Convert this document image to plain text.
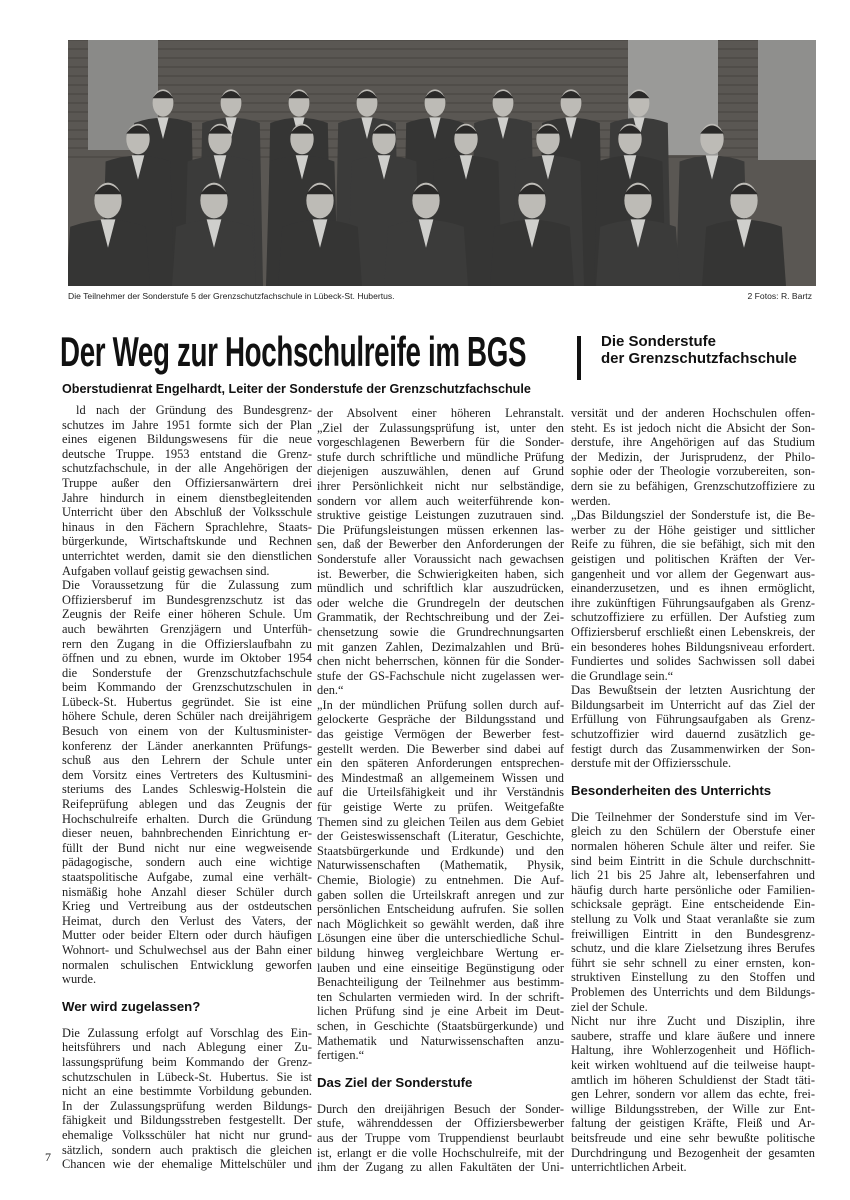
Die Teilnehmer der Sonderstufe 5 der Grenzschutzfachschule in Lübeck-St. Hubertus.	2 Fotos: R. Bartz
Der Weg zur Hochschulreife im BGS	Die Sonderstufe
der Grenzschutzfachschule
Oberstudienrat Engelhardt, Leiter der Sonderstufe der Grenzschutzfachschule
ld nach der Gründung des Bundesgrenz-
schutzes im Jahre 1951 formte sich der Plan
eines eigenen Bildungswesens für die neue
deutsche Truppe. 1953 entstand die Grenz-
schutzfachschule, in der alle Angehörigen der
Truppe außer den Offiziersanwärtern drei
Jahre hindurch in einem dienstbegleitenden
Unterricht über den Abschluß der Volksschule
hinaus in den Fächern Sprachlehre, Staats-
bürgerkunde, Wirtschaftskunde und Rechnen
unterrichtet werden, damit sie den dienstlichen
Aufgaben vollauf geistig gewachsen sind.
Die Voraussetzung für die Zulassung zum
Offiziersberuf im Bundesgrenzschutz ist das
Zeugnis der Reife einer höheren Schule. Um
auch bewährten Grenzjägern und Unterfüh-
rern den Zugang in die Offizierslaufbahn zu
öffnen und zu ebnen, wurde im Oktober 1954
die Sonderstufe der Grenzschutzfachschule
beim Kommando der Grenzschutzschulen in
Lübeck-St. Hubertus gegründet. Sie ist eine
höhere Schule, deren Schüler nach dreijährigem
Besuch von einem von der Kultusminister-
konferenz der Länder anerkannten Prüfungs-
schuß aus den Lehrern der Schule unter
dem Vorsitz eines Vertreters des Kultusmini-
steriums des Landes Schleswig-Holstein die
Reifeprüfung ablegen und das Zeugnis der
Hochschulreife erhalten. Durch die Gründung
dieser neuen, bahnbrechenden Einrichtung er-
füllt der Bund nicht nur eine wegweisende
pädagogische, sondern auch eine wichtige
staatspolitische Aufgabe, zumal eine verhält-
nismäßig hohe Anzahl dieser Schüler durch
Krieg und Vertreibung aus der ostdeutschen
Heimat, durch den Verlust des Vaters, der
Mutter oder beider Eltern oder durch häufigen
Wohnort- und Schulwechsel aus der Bahn einer
normalen schulischen Entwicklung geworfen
wurde.
Wer wird zugelassen?
Die Zulassung erfolgt auf Vorschlag des Ein-
heitsführers und nach Ablegung einer Zu-
lassungsprüfung beim Kommando der Grenz-
schutzschulen in Lübeck-St. Hubertus. Sie ist
nicht an eine bestimmte Vorbildung gebunden.
In der Zulassungsprüfung werden Bildungs-
fähigkeit und Bildungsstreben festgestellt. Der
ehemalige Volksschüler hat nicht nur grund-
sätzlich, sondern auch praktisch die gleichen
Chancen wie der ehemalige Mittelschüler und
der Absolvent einer höheren Lehranstalt.
„Ziel der Zulassungsprüfung ist, unter den
vorgeschlagenen Bewerbern für die Sonder-
stufe durch schriftliche und mündliche Prüfung
diejenigen auszuwählen, denen auf Grund
ihrer Persönlichkeit nicht nur selbständige,
sondern vor allem auch weiterführende kon-
struktive geistige Leistungen zuzutrauen sind.
Die Prüfungsleistungen müssen erkennen las-
sen, daß der Bewerber den Anforderungen der
Sonderstufe aller Voraussicht nach gewachsen
ist. Bewerber, die Schwierigkeiten haben, sich
mündlich und schriftlich klar auszudrücken,
oder welche die Grundregeln der deutschen
Grammatik, der Rechtschreibung und der Zei-
chensetzung sowie die Grundrechnungsarten
mit ganzen Zahlen, Dezimalzahlen und Brü-
chen nicht beherrschen, können für die Sonder-
stufe der GS-Fachschule nicht zugelassen wer-
den.“
„In der mündlichen Prüfung sollen durch auf-
gelockerte Gespräche der Bildungsstand und
das geistige Vermögen der Bewerber fest-
gestellt werden. Die Bewerber sind dabei auf
ein den späteren Anforderungen entsprechen-
des Mindestmaß an allgemeinem Wissen und
auf die Urteilsfähigkeit und ihr Verständnis
für geistige Werte zu prüfen. Weitgefaßte
Themen sind zu gleichen Teilen aus dem Gebiet
der Geisteswissenschaft (Literatur, Geschichte,
Staatsbürgerkunde und Erdkunde) und den
Naturwissenschaften (Mathematik, Physik,
Chemie, Biologie) zu entnehmen. Die Auf-
gaben sollen die Urteilskraft anregen und zur
persönlichen Entscheidung aufrufen. Sie sollen
nach Möglichkeit so gewählt werden, daß ihre
Lösungen eine über die unterschiedliche Schul-
bildung hinweg vergleichbare Wertung er-
lauben und eine einseitige Begünstigung oder
Benachteiligung der Teilnehmer aus bestimm-
ten Schularten vermieden wird. In der schrift-
lichen Prüfung sind je eine Arbeit im Deut-
schen, in Geschichte (Staatsbürgerkunde) und
Mathematik und Naturwissenschaften anzu-
fertigen.“
Das Ziel der Sonderstufe
Durch den dreijährigen Besuch der Sonder-
stufe, währenddessen der Offiziersbewerber
aus der Truppe vom Truppendienst beurlaubt
ist, erlangt er die volle Hochschulreife, mit der
ihm der Zugang zu allen Fakultäten der Uni-
versität und der anderen Hochschulen offen-
steht. Es ist jedoch nicht die Absicht der Son-
derstufe, ihre Angehörigen auf das Studium
der Medizin, der Jurisprudenz, der Philo-
sophie oder der Theologie vorzubereiten, son-
dern sie zu befähigen, Grenzschutzoffiziere zu
werden.
„Das Bildungsziel der Sonderstufe ist, die Be-
werber zu der Höhe geistiger und sittlicher
Reife zu führen, die sie befähigt, sich mit den
geistigen und politischen Kräften der Ver-
gangenheit und vor allem der Gegenwart aus-
einanderzusetzen, und es ihnen ermöglicht,
ihre zukünftigen Führungsaufgaben als Grenz-
schutzoffiziere zu erfüllen. Der Aufstieg zum
Offiziersberuf erschließt einen Lebenskreis, der
ein besonderes hohes Bildungsniveau erfordert.
Fundiertes und solides Sachwissen soll dabei
die Grundlage sein.“
Das Bewußtsein der letzten Ausrichtung der
Bildungsarbeit im Unterricht auf das Ziel der
Erfüllung von Führungsaufgaben als Grenz-
schutzoffizier wird dauernd zusätzlich ge-
festigt durch das Zusammenwirken der Son-
derstufe mit der Offiziersschule.
Besonderheiten des Unterrichts
Die Teilnehmer der Sonderstufe sind im Ver-
gleich zu den Schülern der Oberstufe einer
normalen höheren Schule älter und reifer. Sie
sind beim Eintritt in die Schule durchschnitt-
lich 21 bis 25 Jahre alt, lebenserfahren und
häufig durch harte persönliche oder Familien-
schicksale geprägt. Eine entscheidende Ein-
stellung zu Volk und Staat veranlaßte sie zum
freiwilligen Eintritt in den Bundesgrenz-
schutz, und die klare Zielsetzung ihres Berufes
führt sie sehr schnell zu einer ernsten, kon-
struktiven Einstellung zu den Stoffen und
Problemen des Unterrichts und dem Bildungs-
ziel der Schule.
Nicht nur ihre Zucht und Disziplin, ihre
saubere, straffe und klare äußere und innere
Haltung, ihre Wohlerzogenheit und Höflich-
keit wirken wohltuend auf die teilweise haupt-
amtlich im höheren Schuldienst der Stadt täti-
gen Lehrer, sondern vor allem das echte, frei-
willige Bildungsstreben, der Wille zur Ent-
faltung der geistigen Kräfte, Fleiß und Ar-
beitsfreude und eine sehr bewußte politische
Durchdringung und Bezogenheit der gesamten
unterrichtlichen Arbeit.
7
